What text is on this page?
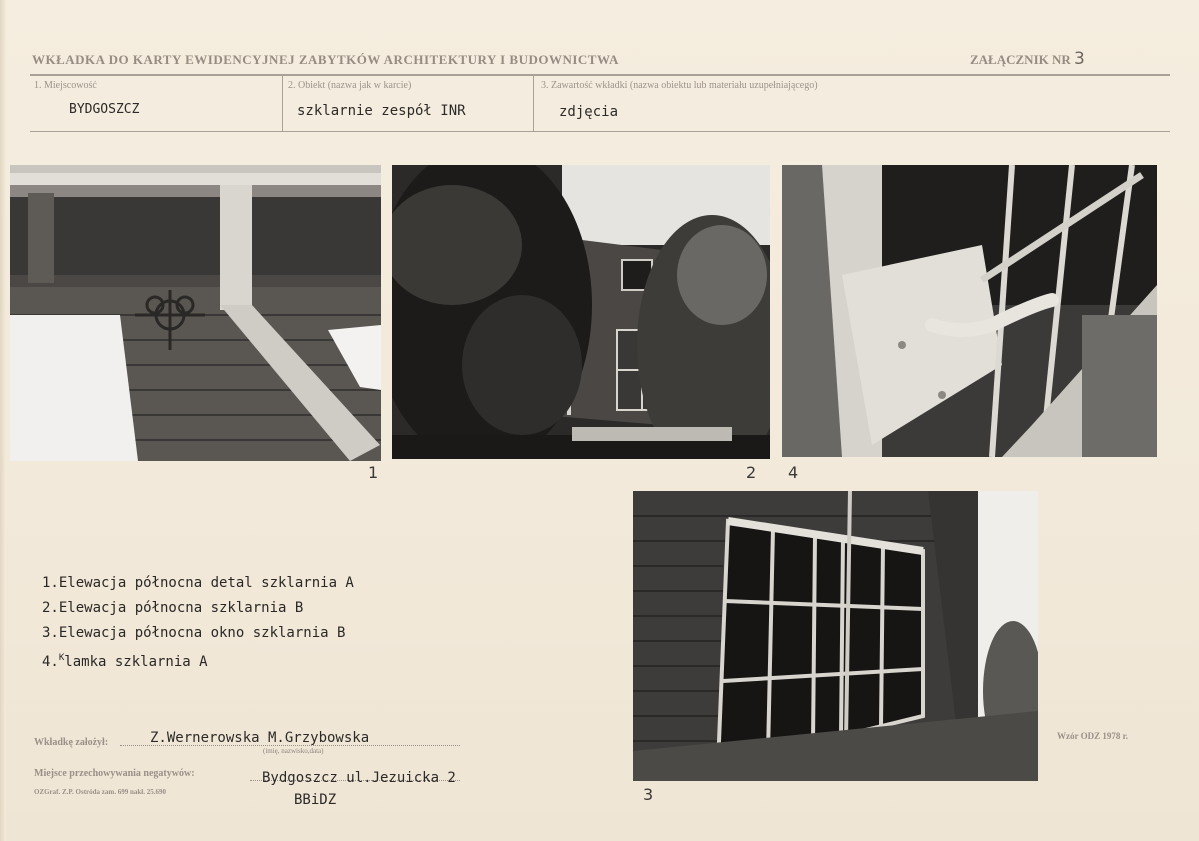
WKŁADKA DO KARTY EWIDENCYJNEJ ZABYTKÓW ARCHITEKTURY I BUDOWNICTWA	ZAŁĄCZNIK NR 3
1. Miejscowość
BYDGOSZCZ
2. Obiekt (nazwa jak w karcie)
szklarnie zespół INR
3. Zawartość wkładki (nazwa obiektu lub materiału uzupełniającego)
zdjęcia
1	2 4
3
1.Elewacja północna detal szklarnia A
2.Elewacja północna szklarnia B
3.Elewacja północna okno szklarnia B
4.$^K$lamka szklarnia A
Wkładkę założył:	Z.Wernerowska M.Grzybowska
(imię, nazwisko,data)
Miejsce przechowywania negatywów:	Bydgoszcz ul.Jezuicka 2
BBiDZ
OZGraf. Z.P. Ostróda zam. 699 nakł. 25.690
Wzór ODZ 1978 r.
